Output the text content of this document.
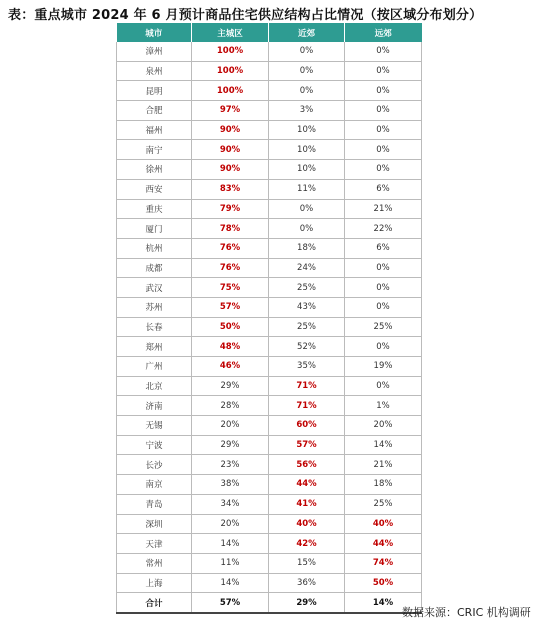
表：重点城市 2024 年 6 月预计商品住宅供应结构占比情况（按区域分布划分）
城市	主城区	近郊	远郊
漳州	100%	0%	0%
泉州	100%	0%	0%
昆明	100%	0%	0%
合肥	97%	3%	0%
福州	90%	10%	0%
南宁	90%	10%	0%
徐州	90%	10%	0%
西安	83%	11%	6%
重庆	79%	0%	21%
厦门	78%	0%	22%
杭州	76%	18%	6%
成都	76%	24%	0%
武汉	75%	25%	0%
苏州	57%	43%	0%
长春	50%	25%	25%
郑州	48%	52%	0%
广州	46%	35%	19%
北京	29%	71%	0%
济南	28%	71%	1%
无锡	20%	60%	20%
宁波	29%	57%	14%
长沙	23%	56%	21%
南京	38%	44%	18%
青岛	34%	41%	25%
深圳	20%	40%	40%
天津	14%	42%	44%
常州	11%	15%	74%
上海	14%	36%	50%
合计	57%	29%	14%
数据来源：CRIC 机构调研
